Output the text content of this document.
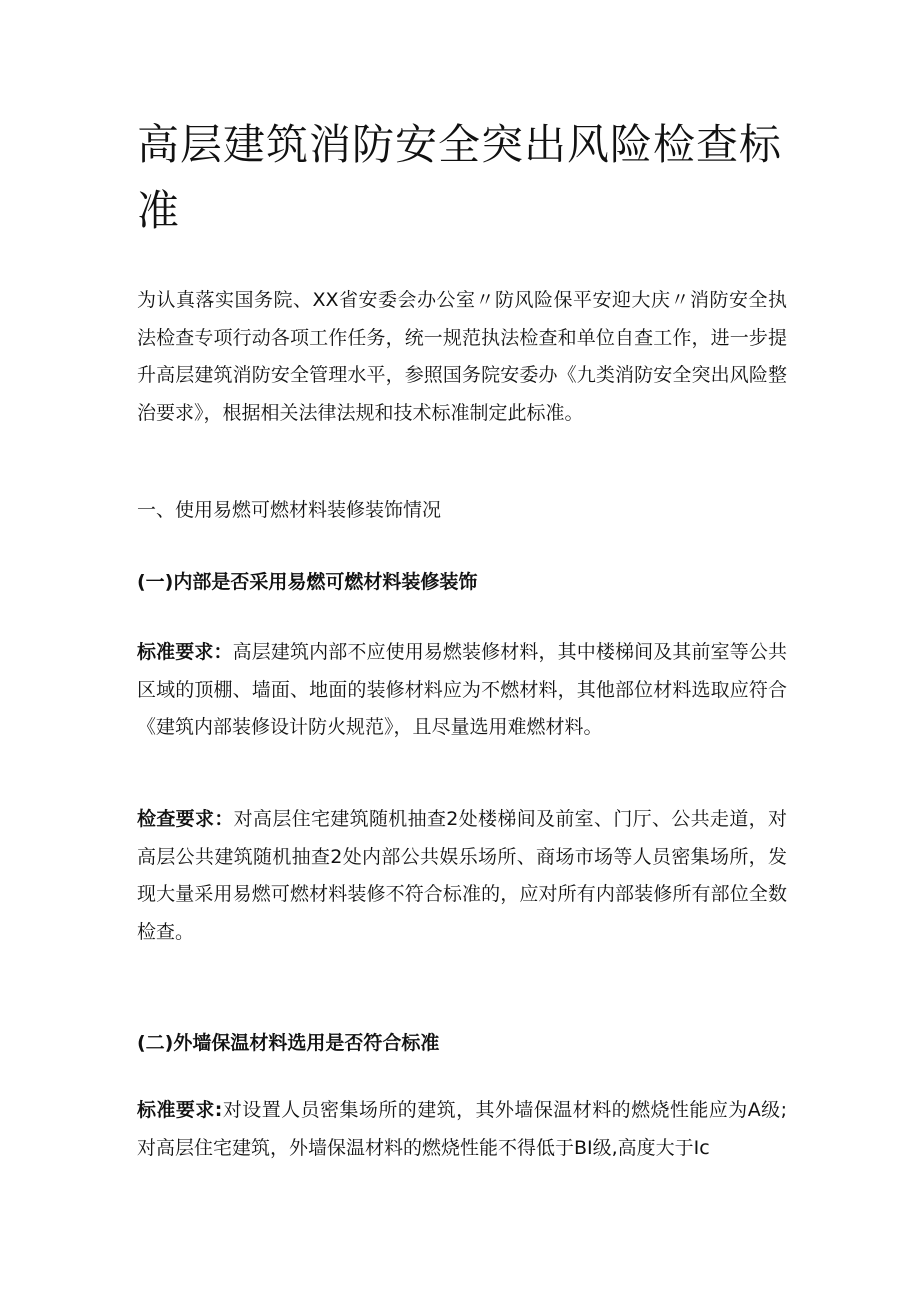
高层建筑消防安全突出风险检查标准

为认真落实国务院、XX省安委会办公室〃防风险保平安迎大庆〃消防安全执法检查专项行动各项工作任务，统一规范执法检查和单位自查工作，进一步提升高层建筑消防安全管理水平，参照国务院安委办《九类消防安全突出风险整治要求》，根据相关法律法规和技术标准制定此标准。

一、使用易燃可燃材料装修装饰情况

(一)内部是否采用易燃可燃材料装修装饰

标准要求：高层建筑内部不应使用易燃装修材料，其中楼梯间及其前室等公共区域的顶棚、墙面、地面的装修材料应为不燃材料，其他部位材料选取应符合《建筑内部装修设计防火规范》，且尽量选用难燃材料。

检查要求：对高层住宅建筑随机抽查2处楼梯间及前室、门厅、公共走道，对高层公共建筑随机抽查2处内部公共娱乐场所、商场市场等人员密集场所，发现大量采用易燃可燃材料装修不符合标准的，应对所有内部装修所有部位全数检查。

(二)外墙保温材料选用是否符合标准

标准要求:对设置人员密集场所的建筑，其外墙保温材料的燃烧性能应为A级;对高层住宅建筑，外墙保温材料的燃烧性能不得低于BI级,高度大于Ic
